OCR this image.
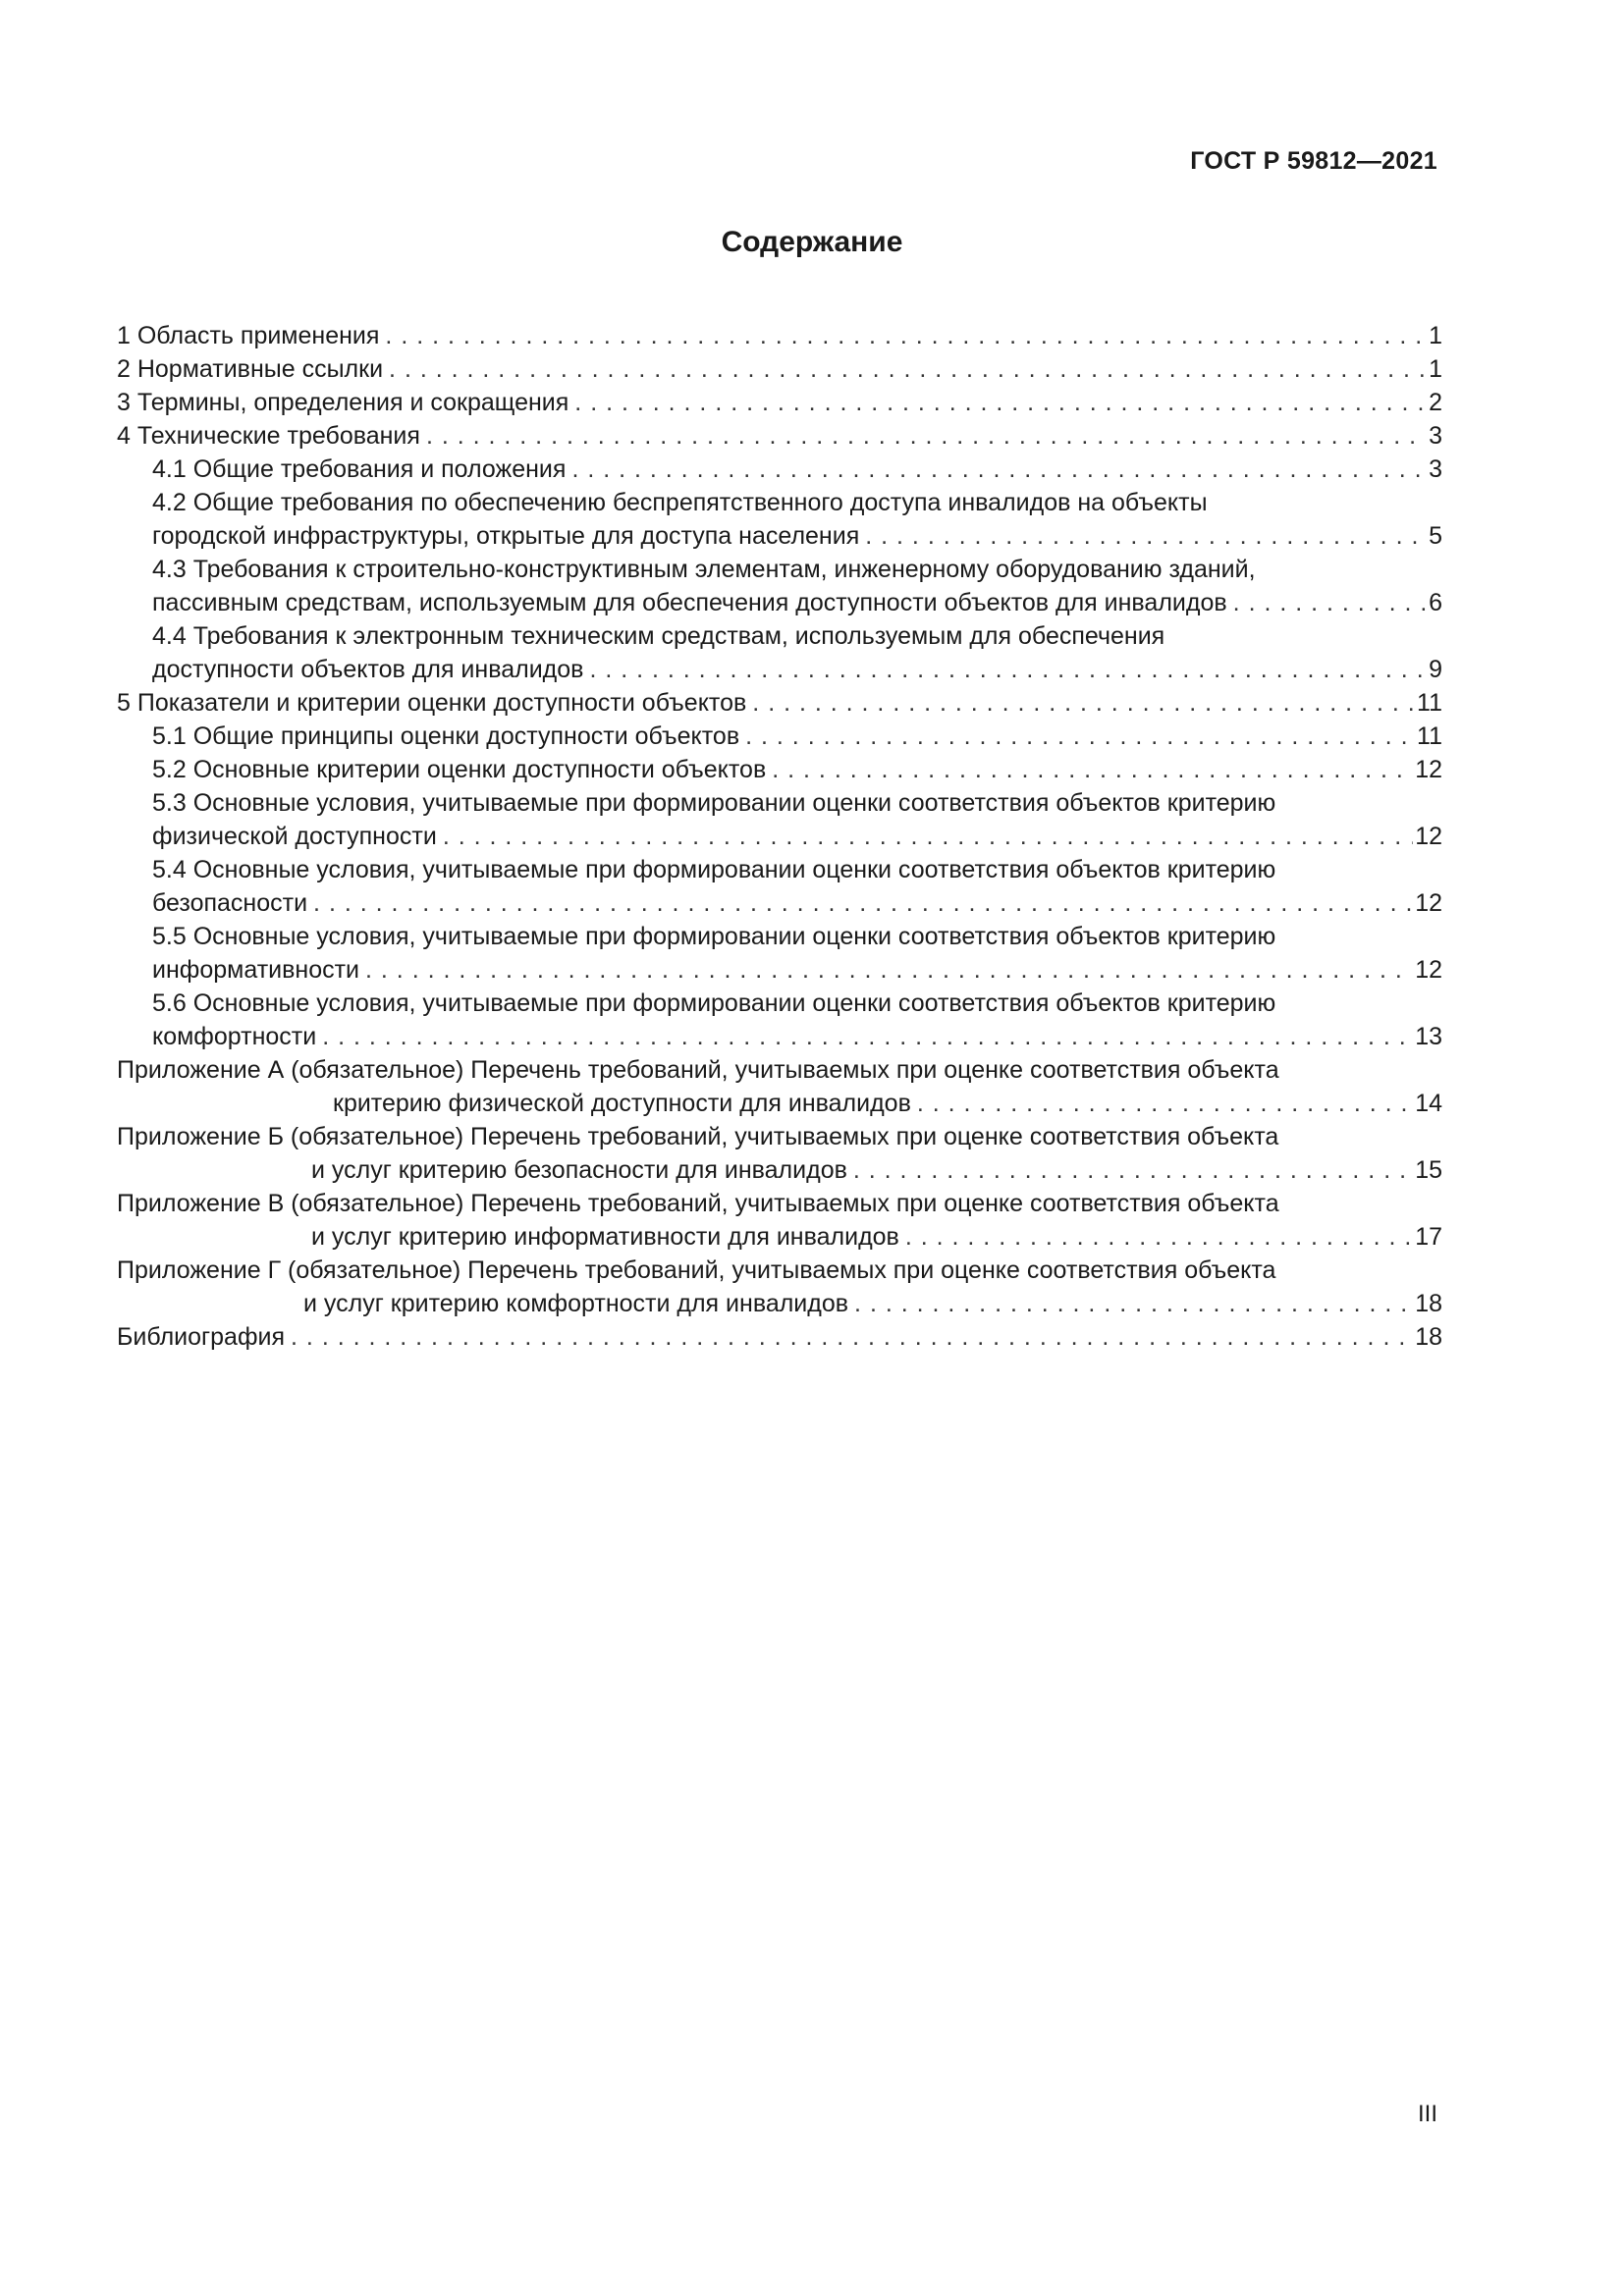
ГОСТ Р 59812—2021
Содержание
1 Область применения . . .	1
2 Нормативные ссылки . . .	1
3 Термины, определения и сокращения . . .	2
4 Технические требования . . .	3
4.1 Общие требования и положения . . .	3
4.2 Общие требования по обеспечению беспрепятственного доступа инвалидов на объекты
городской инфраструктуры, открытые для доступа населения . . .	5
4.3 Требования к строительно-конструктивным элементам, инженерному оборудованию зданий,
пассивным средствам, используемым для обеспечения доступности объектов для инвалидов . . .	6
4.4 Требования к электронным техническим средствам, используемым для обеспечения
доступности объектов для инвалидов . . .	9
5 Показатели и критерии оценки доступности объектов . . .	11
5.1 Общие принципы оценки доступности объектов . . .	11
5.2 Основные критерии оценки доступности объектов . . .	12
5.3 Основные условия, учитываемые при формировании оценки соответствия объектов критерию
физической доступности . . .	12
5.4 Основные условия, учитываемые при формировании оценки соответствия объектов критерию
безопасности . . .	12
5.5 Основные условия, учитываемые при формировании оценки соответствия объектов критерию
информативности . . .	12
5.6 Основные условия, учитываемые при формировании оценки соответствия объектов критерию
комфортности . . .	13
Приложение А (обязательное) Перечень требований, учитываемых при оценке соответствия объекта
критерию физической доступности для инвалидов . . .	14
Приложение Б (обязательное) Перечень требований, учитываемых при оценке соответствия объекта
и услуг критерию безопасности для инвалидов . . .	15
Приложение В (обязательное) Перечень требований, учитываемых при оценке соответствия объекта
и услуг критерию информативности для инвалидов . . .	17
Приложение Г (обязательное) Перечень требований, учитываемых при оценке соответствия объекта
и услуг критерию комфортности для инвалидов . . .	18
Библиография . . .	18
III
